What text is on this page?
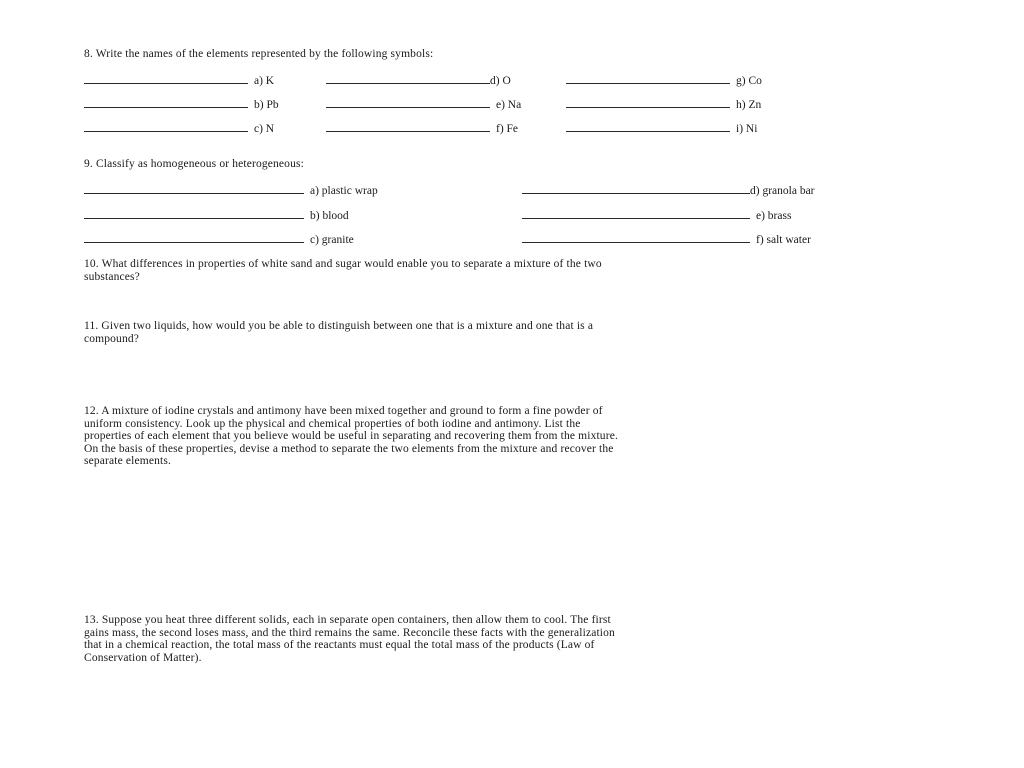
8. Write the names of the elements represented by the following symbols:
a) K	d) O	g) Co
b) Pb	e) Na	h) Zn
c) N	f) Fe	i) Ni
9. Classify as homogeneous or heterogeneous:
a) plastic wrap	d) granola bar
b) blood	e) brass
c) granite	f) salt water
10. What differences in properties of white sand and sugar would enable you to separate a mixture of the two
substances?
11. Given two liquids, how would you be able to distinguish between one that is a mixture and one that is a
compound?
12. A mixture of iodine crystals and antimony have been mixed together and ground to form a fine powder of
uniform consistency. Look up the physical and chemical properties of both iodine and antimony. List the
properties of each element that you believe would be useful in separating and recovering them from the mixture.
On the basis of these properties, devise a method to separate the two elements from the mixture and recover the
separate elements.
13. Suppose you heat three different solids, each in separate open containers, then allow them to cool. The first
gains mass, the second loses mass, and the third remains the same. Reconcile these facts with the generalization
that in a chemical reaction, the total mass of the reactants must equal the total mass of the products (Law of
Conservation of Matter).
